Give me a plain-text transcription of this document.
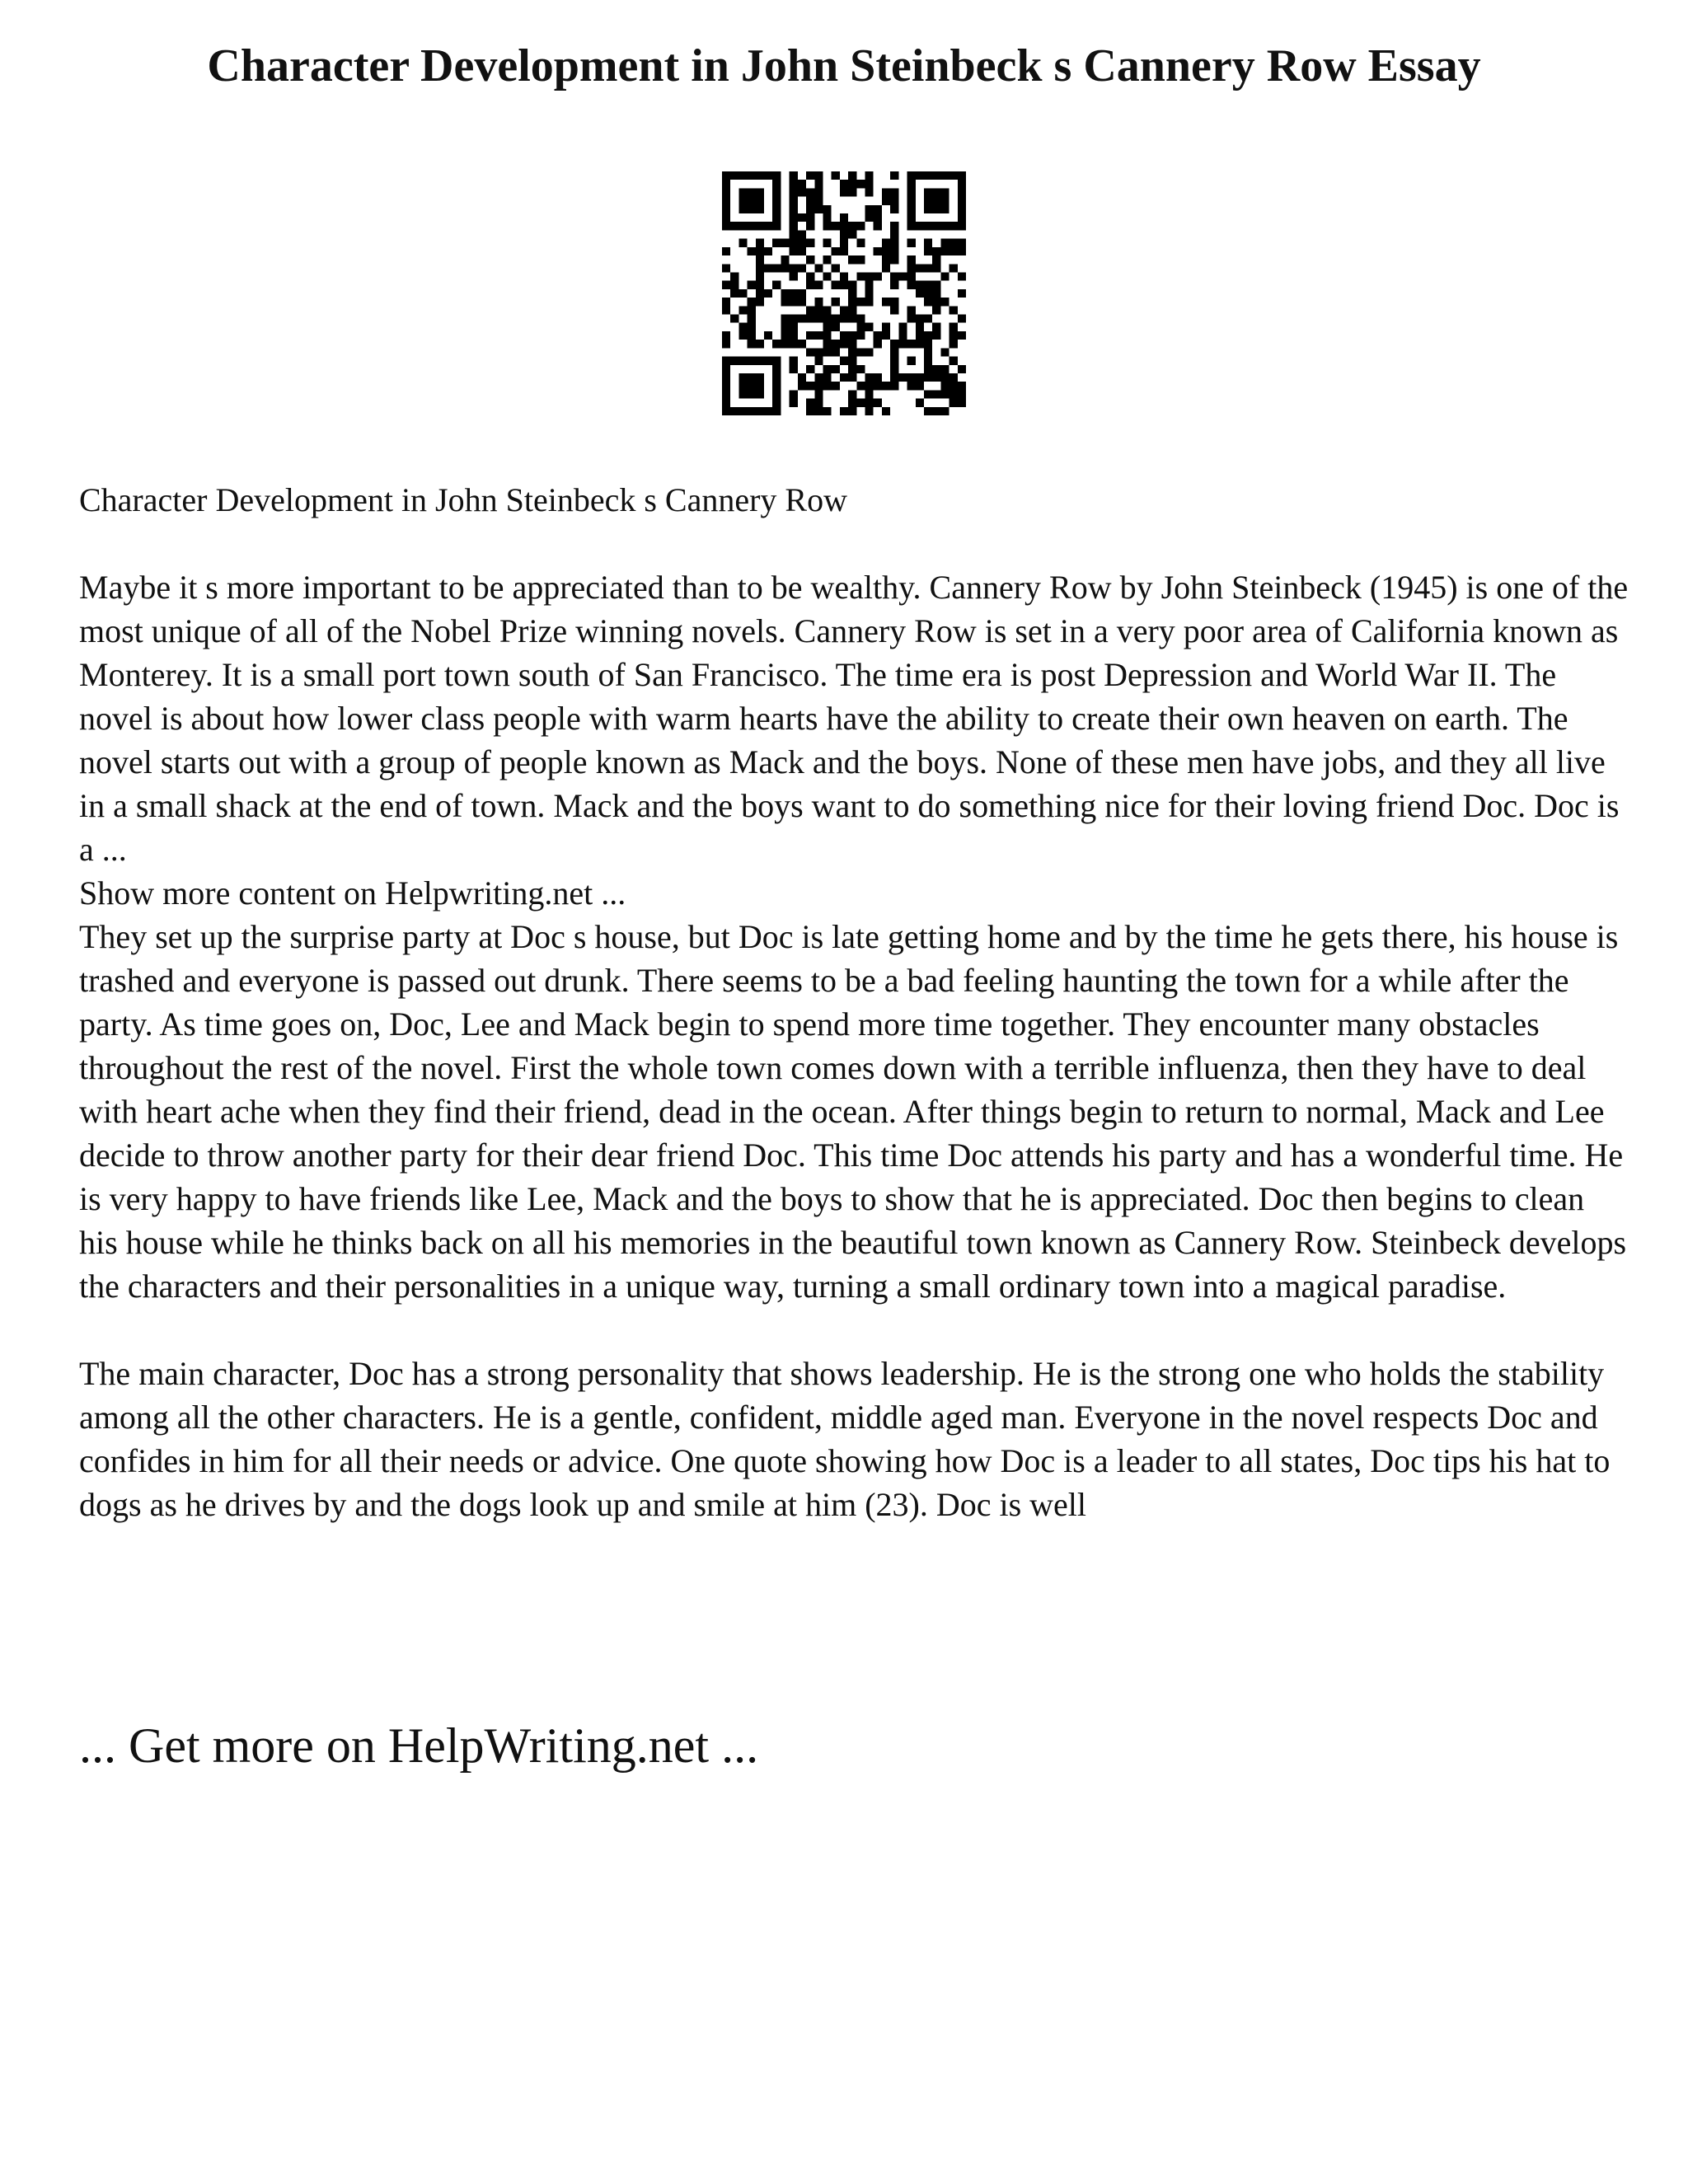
Character Development in John Steinbeck s Cannery Row Essay

Character Development in John Steinbeck s Cannery Row

Maybe it s more important to be appreciated than to be wealthy. Cannery Row by John Steinbeck (1945) is one of the most unique of all of the Nobel Prize winning novels. Cannery Row is set in a very poor area of California known as Monterey. It is a small port town south of San Francisco. The time era is post Depression and World War II. The novel is about how lower class people with warm hearts have the ability to create their own heaven on earth. The novel starts out with a group of people known as Mack and the boys. None of these men have jobs, and they all live in a small shack at the end of town. Mack and the boys want to do something nice for their loving friend Doc. Doc is a ...

Show more content on Helpwriting.net ...

They set up the surprise party at Doc s house, but Doc is late getting home and by the time he gets there, his house is trashed and everyone is passed out drunk. There seems to be a bad feeling haunting the town for a while after the party. As time goes on, Doc, Lee and Mack begin to spend more time together. They encounter many obstacles throughout the rest of the novel. First the whole town comes down with a terrible influenza, then they have to deal with heart ache when they find their friend, dead in the ocean. After things begin to return to normal, Mack and Lee decide to throw another party for their dear friend Doc. This time Doc attends his party and has a wonderful time. He is very happy to have friends like Lee, Mack and the boys to show that he is appreciated. Doc then begins to clean his house while he thinks back on all his memories in the beautiful town known as Cannery Row. Steinbeck develops the characters and their personalities in a unique way, turning a small ordinary town into a magical paradise.

The main character, Doc has a strong personality that shows leadership. He is the strong one who holds the stability among all the other characters. He is a gentle, confident, middle aged man. Everyone in the novel respects Doc and confides in him for all their needs or advice. One quote showing how Doc is a leader to all states, Doc tips his hat to dogs as he drives by and the dogs look up and smile at him (23). Doc is well

... Get more on HelpWriting.net ...
